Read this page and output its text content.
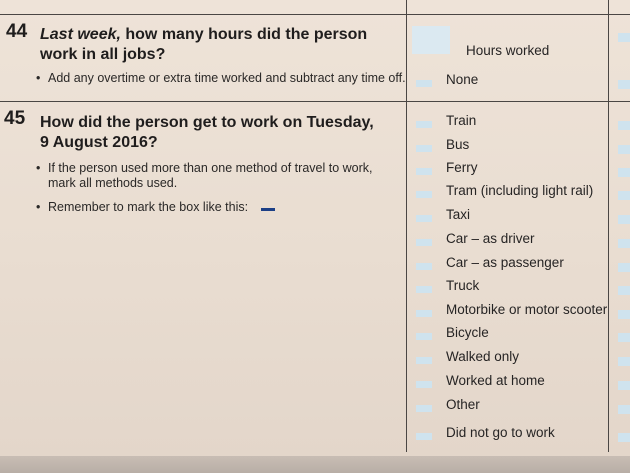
44 Last week, how many hours did the person
work in all jobs?
• Add any overtime or extra time worked and subtract any time off.
Hours worked
None
45 How did the person get to work on Tuesday,
9 August 2016?
• If the person used more than one method of travel to work,
mark all methods used.
• Remember to mark the box like this:
Train
Bus
Ferry
Tram (including light rail)
Taxi
Car – as driver
Car – as passenger
Truck
Motorbike or motor scooter
Bicycle
Walked only
Worked at home
Other
Did not go to work
